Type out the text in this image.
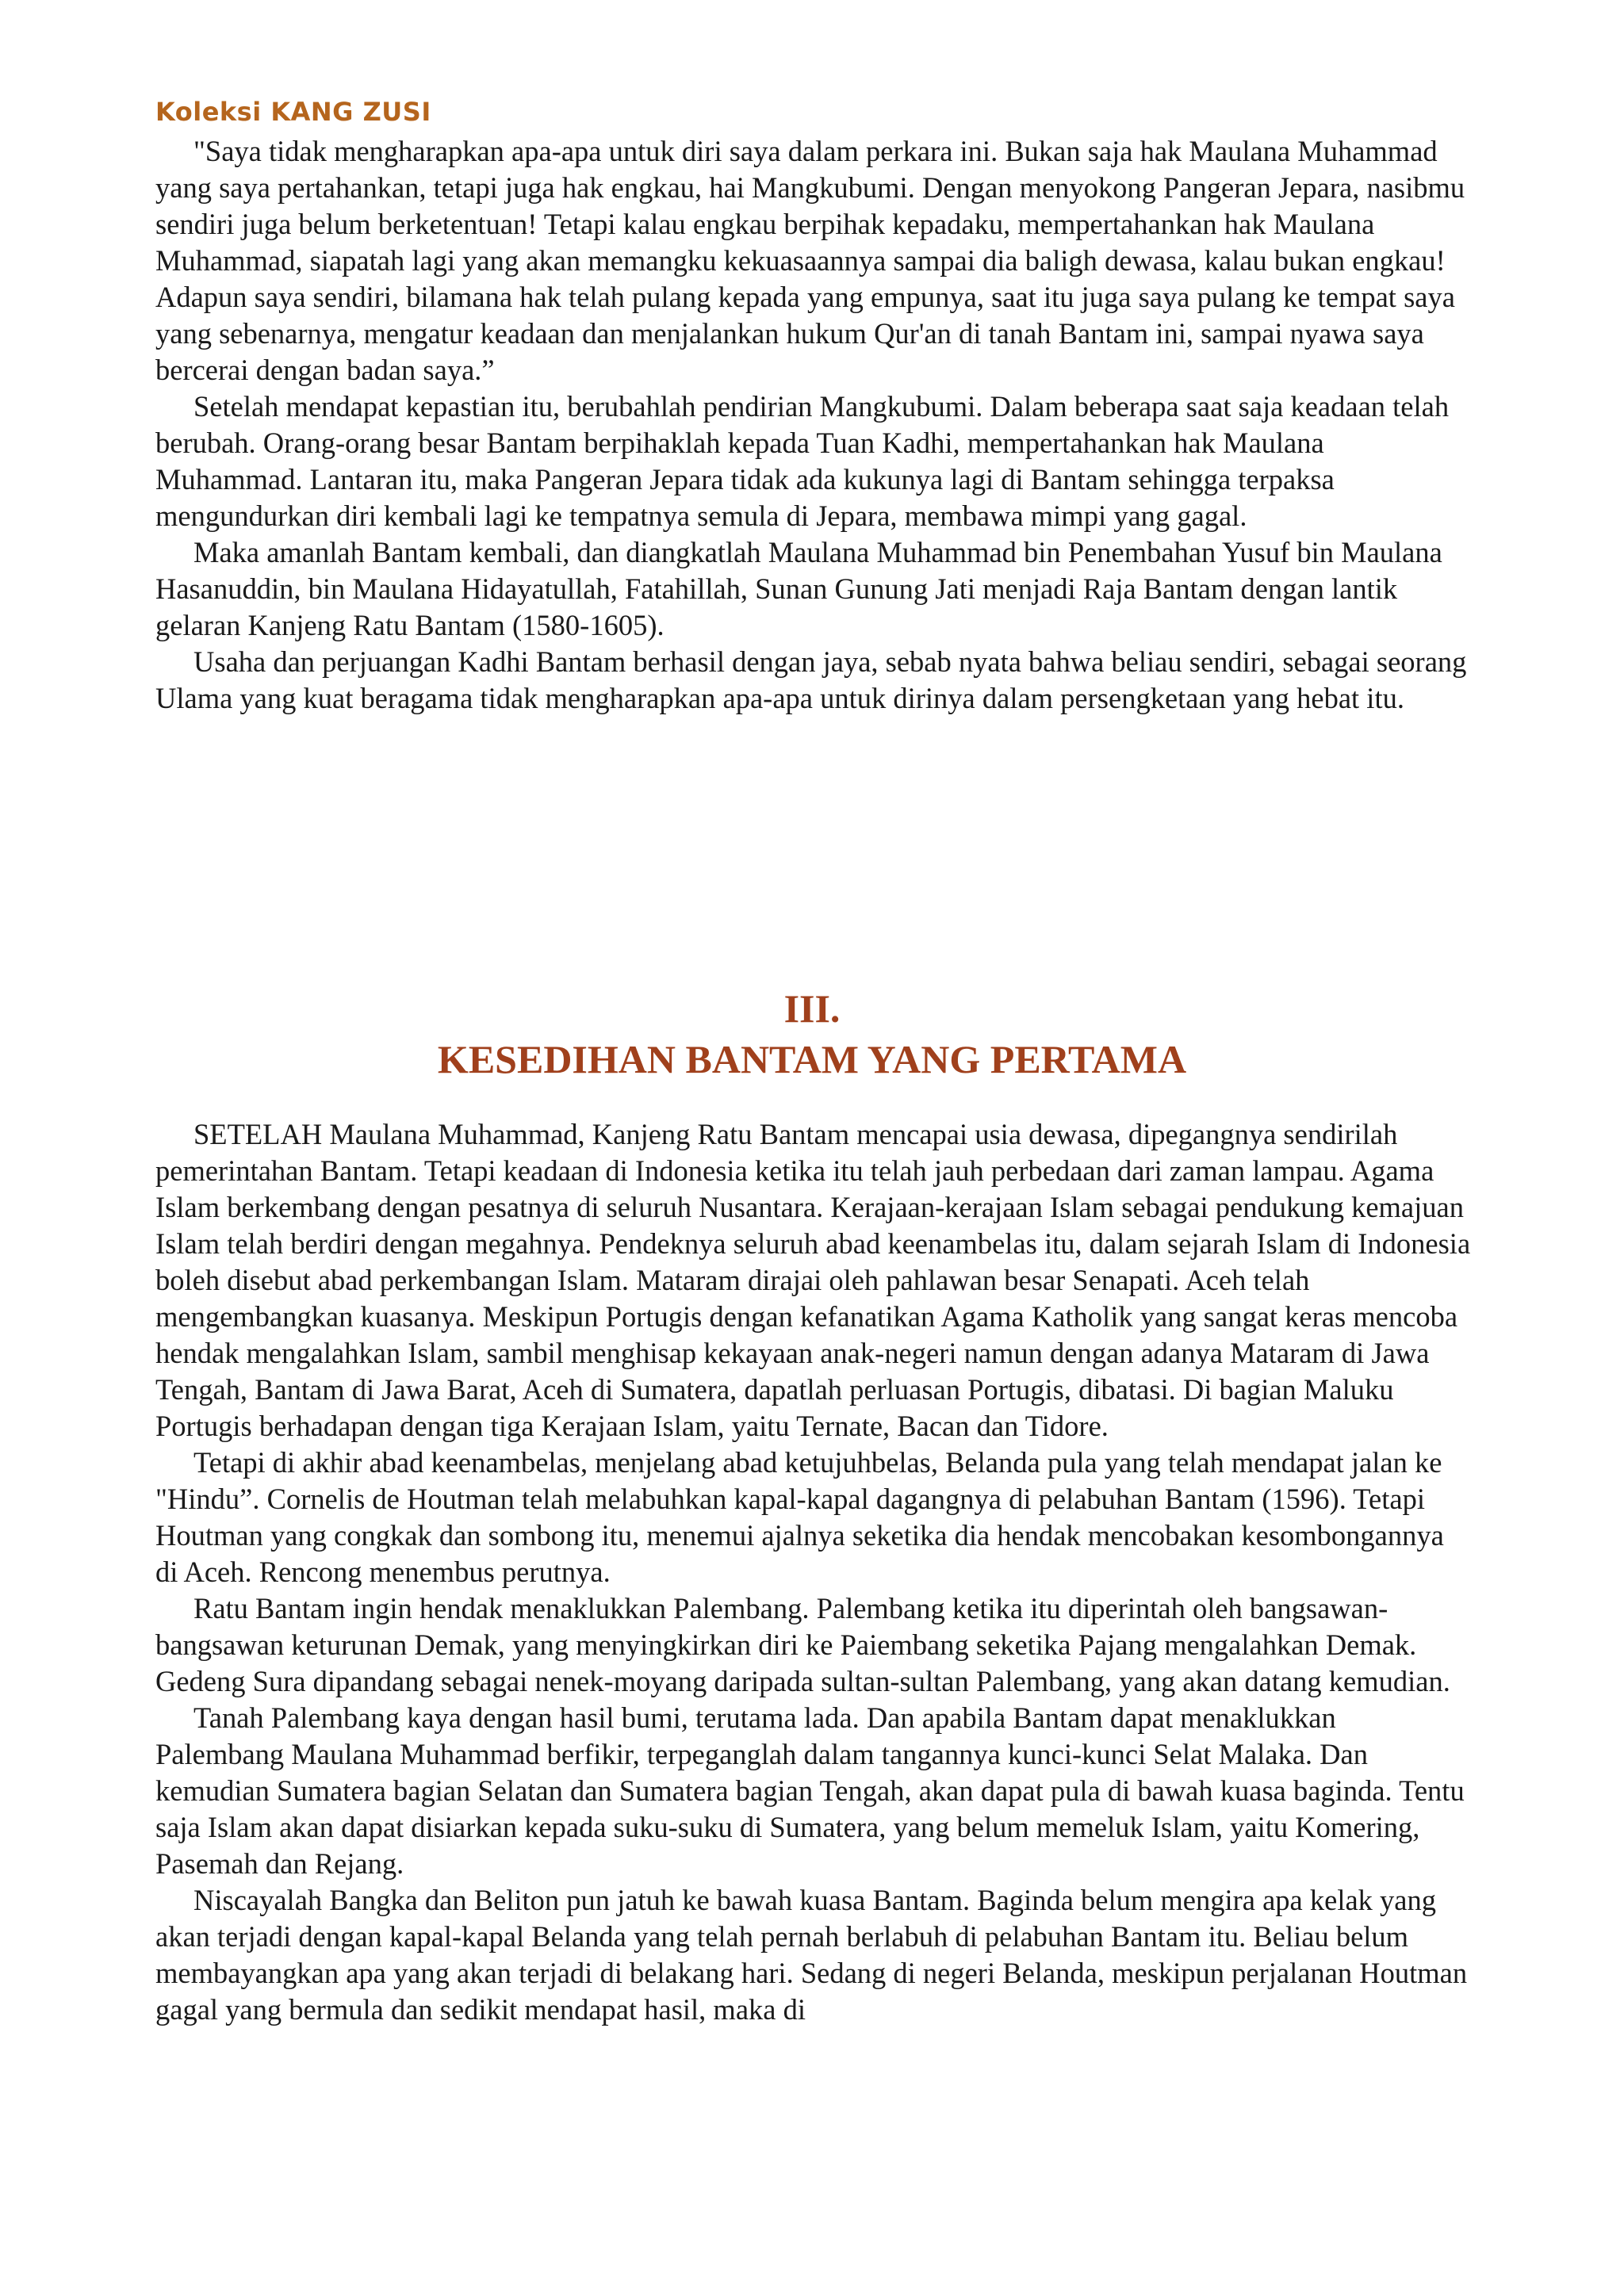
Koleksi KANG ZUSI

"Saya tidak mengharapkan apa-apa untuk diri saya dalam perkara ini. Bukan saja hak Maulana Muhammad yang saya pertahankan, tetapi juga hak engkau, hai Mangkubumi. Dengan menyokong Pangeran Jepara, nasibmu sendiri juga belum berketentuan! Tetapi kalau engkau berpihak kepadaku, mempertahankan hak Maulana Muhammad, siapatah lagi yang akan memangku kekuasaannya sampai dia baligh dewasa, kalau bukan engkau! Adapun saya sendiri, bilamana hak telah pulang kepada yang empunya, saat itu juga saya pulang ke tempat saya yang sebenarnya, mengatur keadaan dan menjalankan hukum Qur'an di tanah Bantam ini, sampai nyawa saya bercerai dengan badan saya.”

Setelah mendapat kepastian itu, berubahlah pendirian Mangkubumi. Dalam beberapa saat saja keadaan telah berubah. Orang-orang besar Bantam berpihaklah kepada Tuan Kadhi, mempertahankan hak Maulana Muhammad. Lantaran itu, maka Pangeran Jepara tidak ada kukunya lagi di Bantam sehingga terpaksa mengundurkan diri kembali lagi ke tempatnya semula di Jepara, membawa mimpi yang gagal.

Maka amanlah Bantam kembali, dan diangkatlah Maulana Muhammad bin Penembahan Yusuf bin Maulana Hasanuddin, bin Maulana Hidayatullah, Fatahillah, Sunan Gunung Jati menjadi Raja Bantam dengan lantik gelaran Kanjeng Ratu Bantam (1580-1605).

Usaha dan perjuangan Kadhi Bantam berhasil dengan jaya, sebab nyata bahwa beliau sendiri, sebagai seorang Ulama yang kuat beragama tidak mengharapkan apa-apa untuk dirinya dalam persengketaan yang hebat itu.

III.
KESEDIHAN BANTAM YANG PERTAMA

SETELAH Maulana Muhammad, Kanjeng Ratu Bantam mencapai usia dewasa, dipegangnya sendirilah pemerintahan Bantam. Tetapi keadaan di Indonesia ketika itu telah jauh perbedaan dari zaman lampau. Agama Islam berkembang dengan pesatnya di seluruh Nusantara. Kerajaan-kerajaan Islam sebagai pendukung kemajuan Islam telah berdiri dengan megahnya. Pendeknya seluruh abad keenambelas itu, dalam sejarah Islam di Indonesia boleh disebut abad perkembangan Islam. Mataram dirajai oleh pahlawan besar Senapati. Aceh telah mengembangkan kuasanya. Meskipun Portugis dengan kefanatikan Agama Katholik yang sangat keras mencoba hendak mengalahkan Islam, sambil menghisap kekayaan anak-negeri namun dengan adanya Mataram di Jawa Tengah, Bantam di Jawa Barat, Aceh di Sumatera, dapatlah perluasan Portugis, dibatasi. Di bagian Maluku Portugis berhadapan dengan tiga Kerajaan Islam, yaitu Ternate, Bacan dan Tidore.

Tetapi di akhir abad keenambelas, menjelang abad ketujuhbelas, Belanda pula yang telah mendapat jalan ke "Hindu”. Cornelis de Houtman telah melabuhkan kapal-kapal dagangnya di pelabuhan Bantam (1596). Tetapi Houtman yang congkak dan sombong itu, menemui ajalnya seketika dia hendak mencobakan kesombongannya di Aceh. Rencong menembus perutnya.

Ratu Bantam ingin hendak menaklukkan Palembang. Palembang ketika itu diperintah oleh bangsawan-bangsawan keturunan Demak, yang menyingkirkan diri ke Paiembang seketika Pajang mengalahkan Demak. Gedeng Sura dipandang sebagai nenek-moyang daripada sultan-sultan Palembang, yang akan datang kemudian.

Tanah Palembang kaya dengan hasil bumi, terutama lada. Dan apabila Bantam dapat menaklukkan Palembang Maulana Muhammad berfikir, terpeganglah dalam tangannya kunci-kunci Selat Malaka. Dan kemudian Sumatera bagian Selatan dan Sumatera bagian Tengah, akan dapat pula di bawah kuasa baginda. Tentu saja Islam akan dapat disiarkan kepada suku-suku di Sumatera, yang belum memeluk Islam, yaitu Komering, Pasemah dan Rejang.

Niscayalah Bangka dan Beliton pun jatuh ke bawah kuasa Bantam. Baginda belum mengira apa kelak yang akan terjadi dengan kapal-kapal Belanda yang telah pernah berlabuh di pelabuhan Bantam itu. Beliau belum membayangkan apa yang akan terjadi di belakang hari. Sedang di negeri Belanda, meskipun perjalanan Houtman gagal yang bermula dan sedikit mendapat hasil, maka di
